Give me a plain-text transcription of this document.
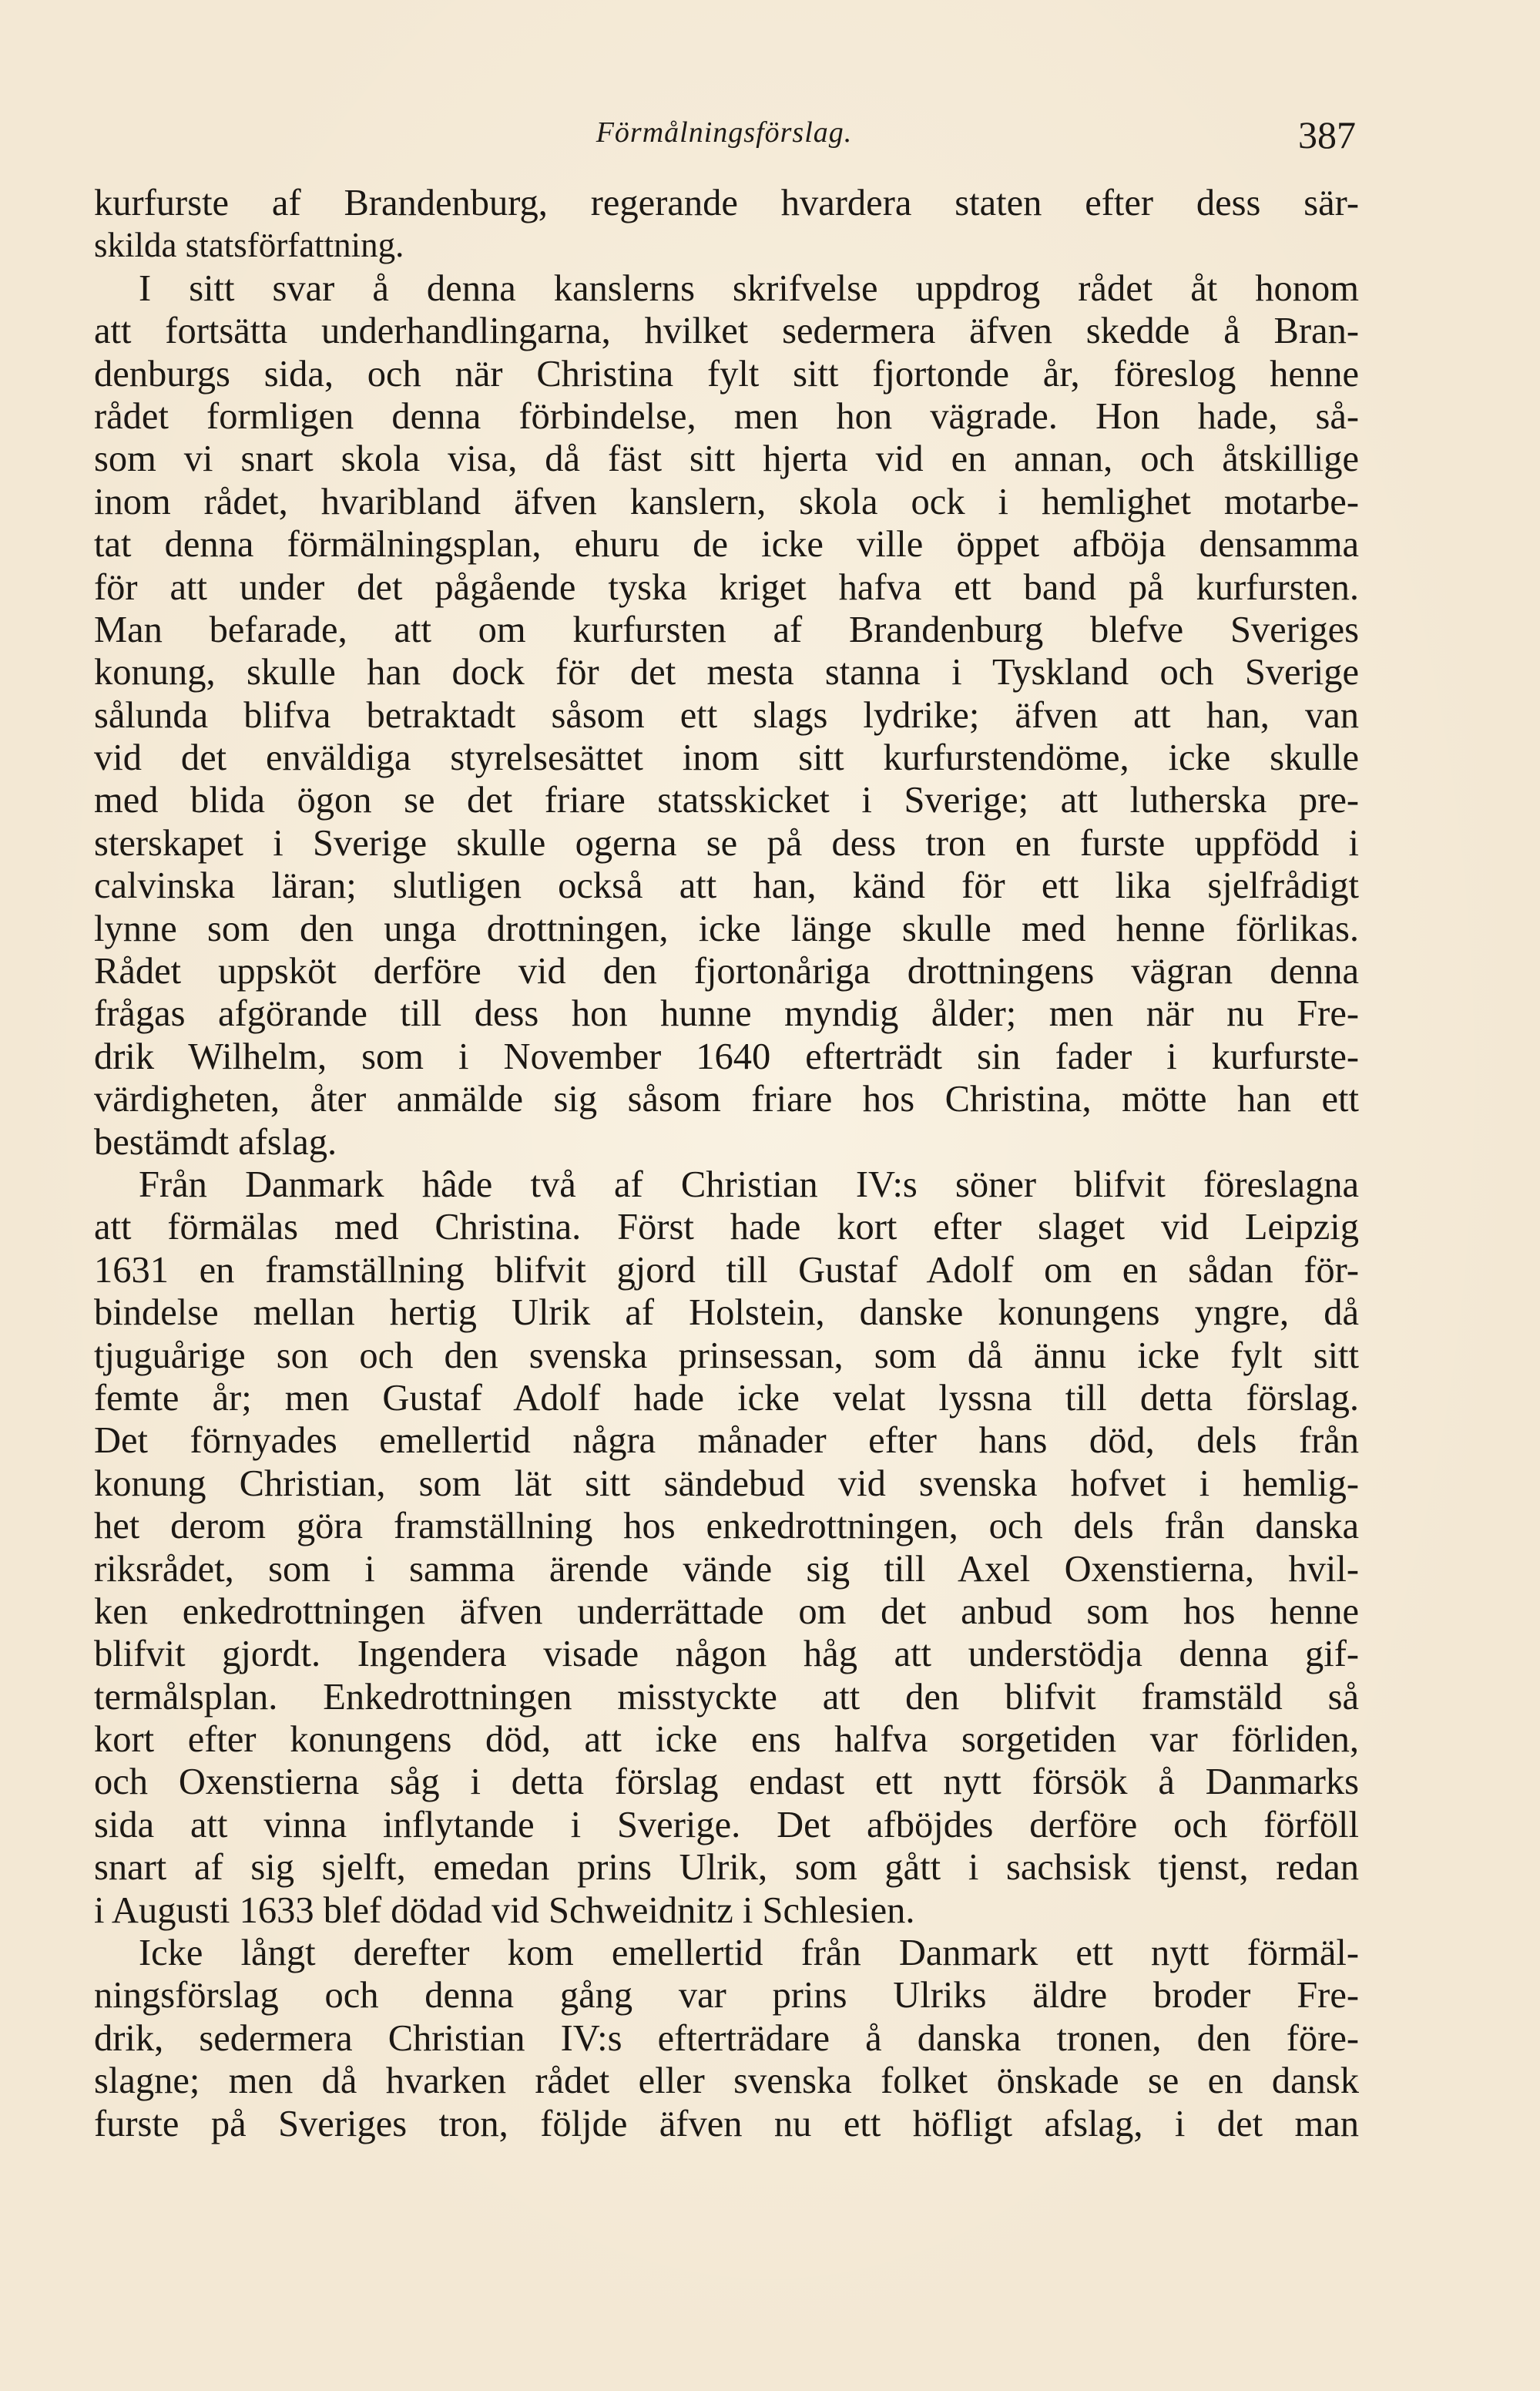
Förmålningsförslag.	387
kurfurste af Brandenburg, regerande hvardera staten efter dess sär-
skilda statsförfattning.
I sitt svar å denna kanslerns skrifvelse uppdrog rådet åt honom
att fortsätta underhandlingarna, hvilket sedermera äfven skedde å Bran-
denburgs sida, och när Christina fylt sitt fjortonde år, föreslog henne
rådet formligen denna förbindelse, men hon vägrade. Hon hade, så-
som vi snart skola visa, då fäst sitt hjerta vid en annan, och åtskillige
inom rådet, hvaribland äfven kanslern, skola ock i hemlighet motarbe-
tat denna förmälningsplan, ehuru de icke ville öppet afböja densamma
för att under det pågående tyska kriget hafva ett band på kurfursten.
Man befarade, att om kurfursten af Brandenburg blefve Sveriges
konung, skulle han dock för det mesta stanna i Tyskland och Sverige
sålunda blifva betraktadt såsom ett slags lydrike; äfven att han, van
vid det enväldiga styrelsesättet inom sitt kurfurstendöme, icke skulle
med blida ögon se det friare statsskicket i Sverige; att lutherska pre-
sterskapet i Sverige skulle ogerna se på dess tron en furste uppfödd i
calvinska läran; slutligen också att han, känd för ett lika sjelfrådigt
lynne som den unga drottningen, icke länge skulle med henne förlikas.
Rådet uppsköt derföre vid den fjortonåriga drottningens vägran denna
frågas afgörande till dess hon hunne myndig ålder; men när nu Fre-
drik Wilhelm, som i November 1640 efterträdt sin fader i kurfurste-
värdigheten, åter anmälde sig såsom friare hos Christina, mötte han ett
bestämdt afslag.
Från Danmark hâde två af Christian IV:s söner blifvit föreslagna
att förmälas med Christina. Först hade kort efter slaget vid Leipzig
1631 en framställning blifvit gjord till Gustaf Adolf om en sådan för-
bindelse mellan hertig Ulrik af Holstein, danske konungens yngre, då
tjuguårige son och den svenska prinsessan, som då ännu icke fylt sitt
femte år; men Gustaf Adolf hade icke velat lyssna till detta förslag.
Det förnyades emellertid några månader efter hans död, dels från
konung Christian, som lät sitt sändebud vid svenska hofvet i hemlig-
het derom göra framställning hos enkedrottningen, och dels från danska
riksrådet, som i samma ärende vände sig till Axel Oxenstierna, hvil-
ken enkedrottningen äfven underrättade om det anbud som hos henne
blifvit gjordt. Ingendera visade någon håg att understödja denna gif-
termålsplan. Enkedrottningen misstyckte att den blifvit framstäld så
kort efter konungens död, att icke ens halfva sorgetiden var förliden,
och Oxenstierna såg i detta förslag endast ett nytt försök å Danmarks
sida att vinna inflytande i Sverige. Det afböjdes derföre och förföll
snart af sig sjelft, emedan prins Ulrik, som gått i sachsisk tjenst, redan
i Augusti 1633 blef dödad vid Schweidnitz i Schlesien.
Icke långt derefter kom emellertid från Danmark ett nytt förmäl-
ningsförslag och denna gång var prins Ulriks äldre broder Fre-
drik, sedermera Christian IV:s efterträdare å danska tronen, den före-
slagne; men då hvarken rådet eller svenska folket önskade se en dansk
furste på Sveriges tron, följde äfven nu ett höfligt afslag, i det man
